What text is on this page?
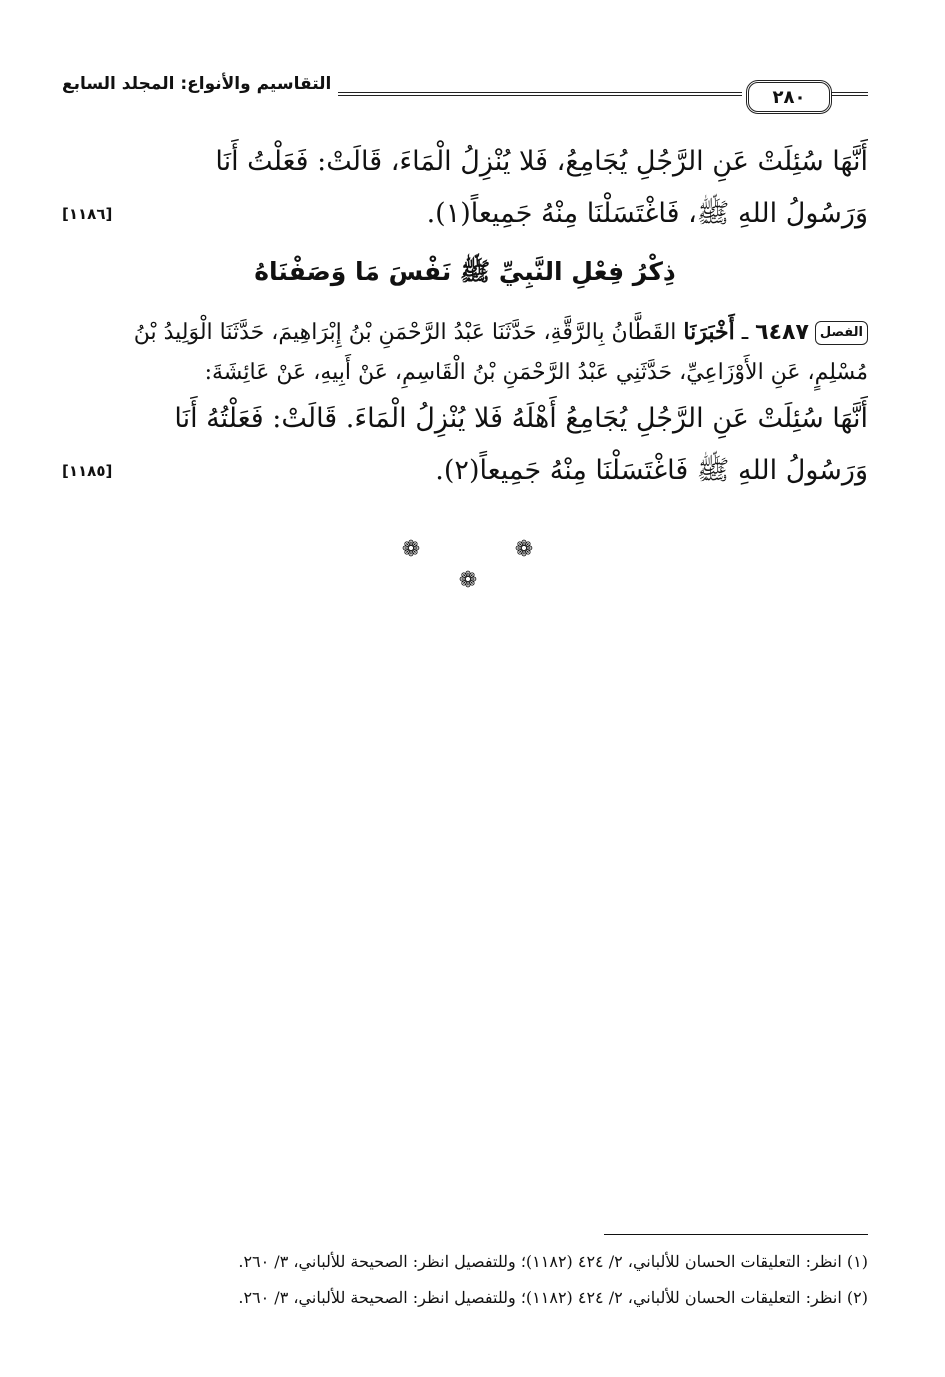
التقاسيم والأنواع: المجلد السابع
٢٨٠
أَنَّهَا سُئِلَتْ عَنِ الرَّجُلِ يُجَامِعُ، فَلا يُنْزِلُ الْمَاءَ، قَالَتْ: فَعَلْتُ أَنَا
[١١٨٦]	وَرَسُولُ اللهِ ﷺ، فَاغْتَسَلْنَا مِنْهُ جَمِيعاً(١).
ذِكْرُ فِعْلِ النَّبِيِّ ﷺ نَفْسَ مَا وَصَفْنَاهُ
الفصل٦٤٨٧ ـ أَخْبَرَنَا القَطَّانُ بِالرَّقَّةِ، حَدَّثَنَا عَبْدُ الرَّحْمَنِ بْنُ إِبْرَاهِيمَ، حَدَّثَنَا الْوَلِيدُ بْنُ
مُسْلِمٍ، عَنِ الأَوْزَاعِيِّ، حَدَّثَنِي عَبْدُ الرَّحْمَنِ بْنُ الْقَاسِمِ، عَنْ أَبِيهِ، عَنْ عَائِشَةَ:
أَنَّهَا سُئِلَتْ عَنِ الرَّجُلِ يُجَامِعُ أَهْلَهُ فَلا يُنْزِلُ الْمَاءَ. قَالَتْ: فَعَلْتُهُ أَنَا
[١١٨٥]	وَرَسُولُ اللهِ ﷺ فَاغْتَسَلْنَا مِنْهُ جَمِيعاً(٢).
❁	❁
❁
(١) انظر: التعليقات الحسان للألباني، ٢/ ٤٢٤ (١١٨٢)؛ وللتفصيل انظر: الصحيحة للألباني، ٣/ ٢٦٠.
(٢) انظر: التعليقات الحسان للألباني، ٢/ ٤٢٤ (١١٨٢)؛ وللتفصيل انظر: الصحيحة للألباني، ٣/ ٢٦٠.
